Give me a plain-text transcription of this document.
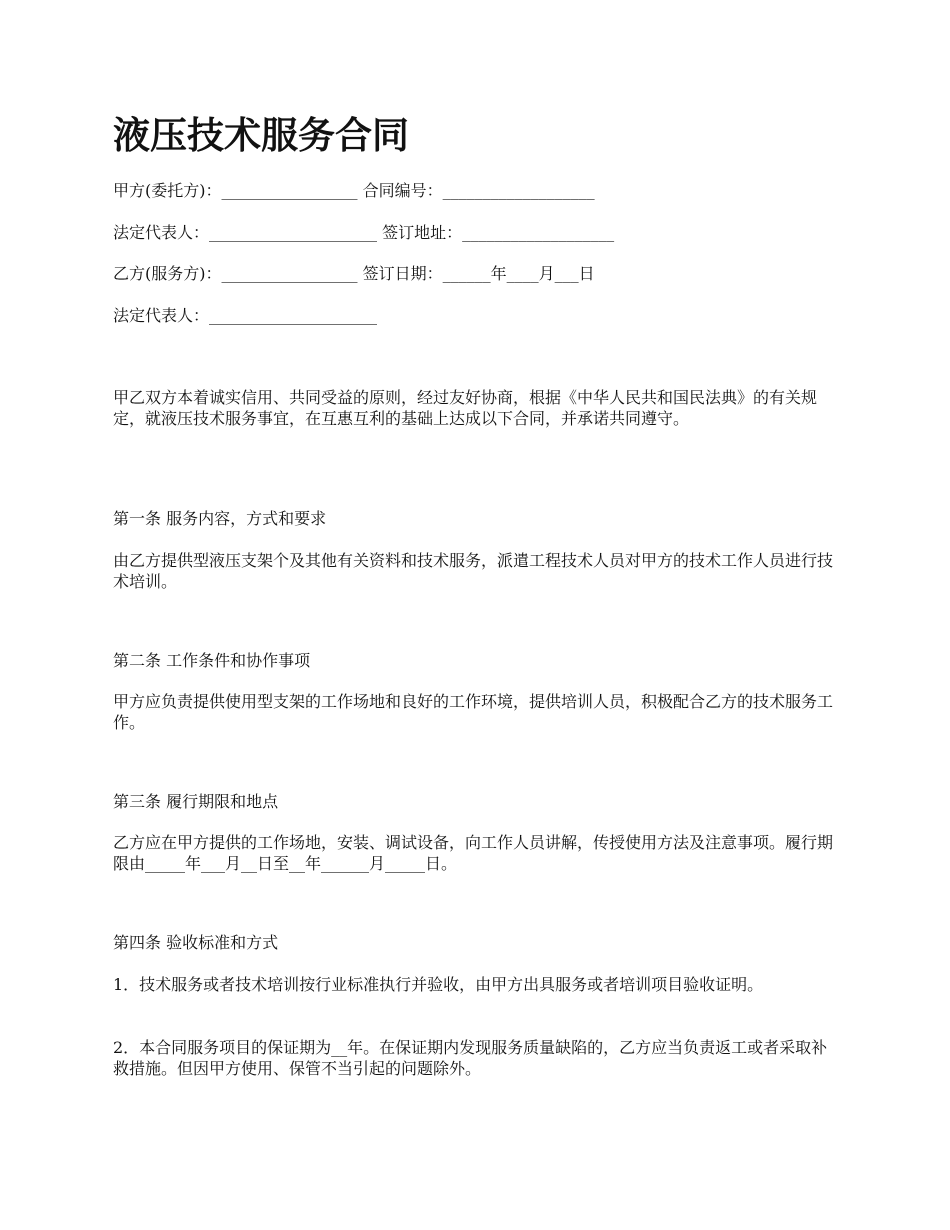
液压技术服务合同
甲方(委托方)：_________________ 合同编号：___________________
法定代表人：_____________________ 签订地址：___________________
乙方(服务方)：_________________ 签订日期：______年____月___日
法定代表人：_____________________

甲乙双方本着诚实信用、共同受益的原则，经过友好协商，根据《中华人民共和国民法典》的有关规定，就液压技术服务事宜，在互惠互利的基础上达成以下合同，并承诺共同遵守。

第一条 服务内容，方式和要求

由乙方提供型液压支架个及其他有关资料和技术服务，派遣工程技术人员对甲方的技术工作人员进行技术培训。

第二条 工作条件和协作事项

甲方应负责提供使用型支架的工作场地和良好的工作环境，提供培训人员，积极配合乙方的技术服务工作。

第三条 履行期限和地点

乙方应在甲方提供的工作场地，安装、调试设备，向工作人员讲解，传授使用方法及注意事项。履行期限由_____年___月__日至__年______月_____日。

第四条 验收标准和方式

1．技术服务或者技术培训按行业标准执行并验收，由甲方出具服务或者培训项目验收证明。

2．本合同服务项目的保证期为__年。在保证期内发现服务质量缺陷的，乙方应当负责返工或者采取补救措施。但因甲方使用、保管不当引起的问题除外。
